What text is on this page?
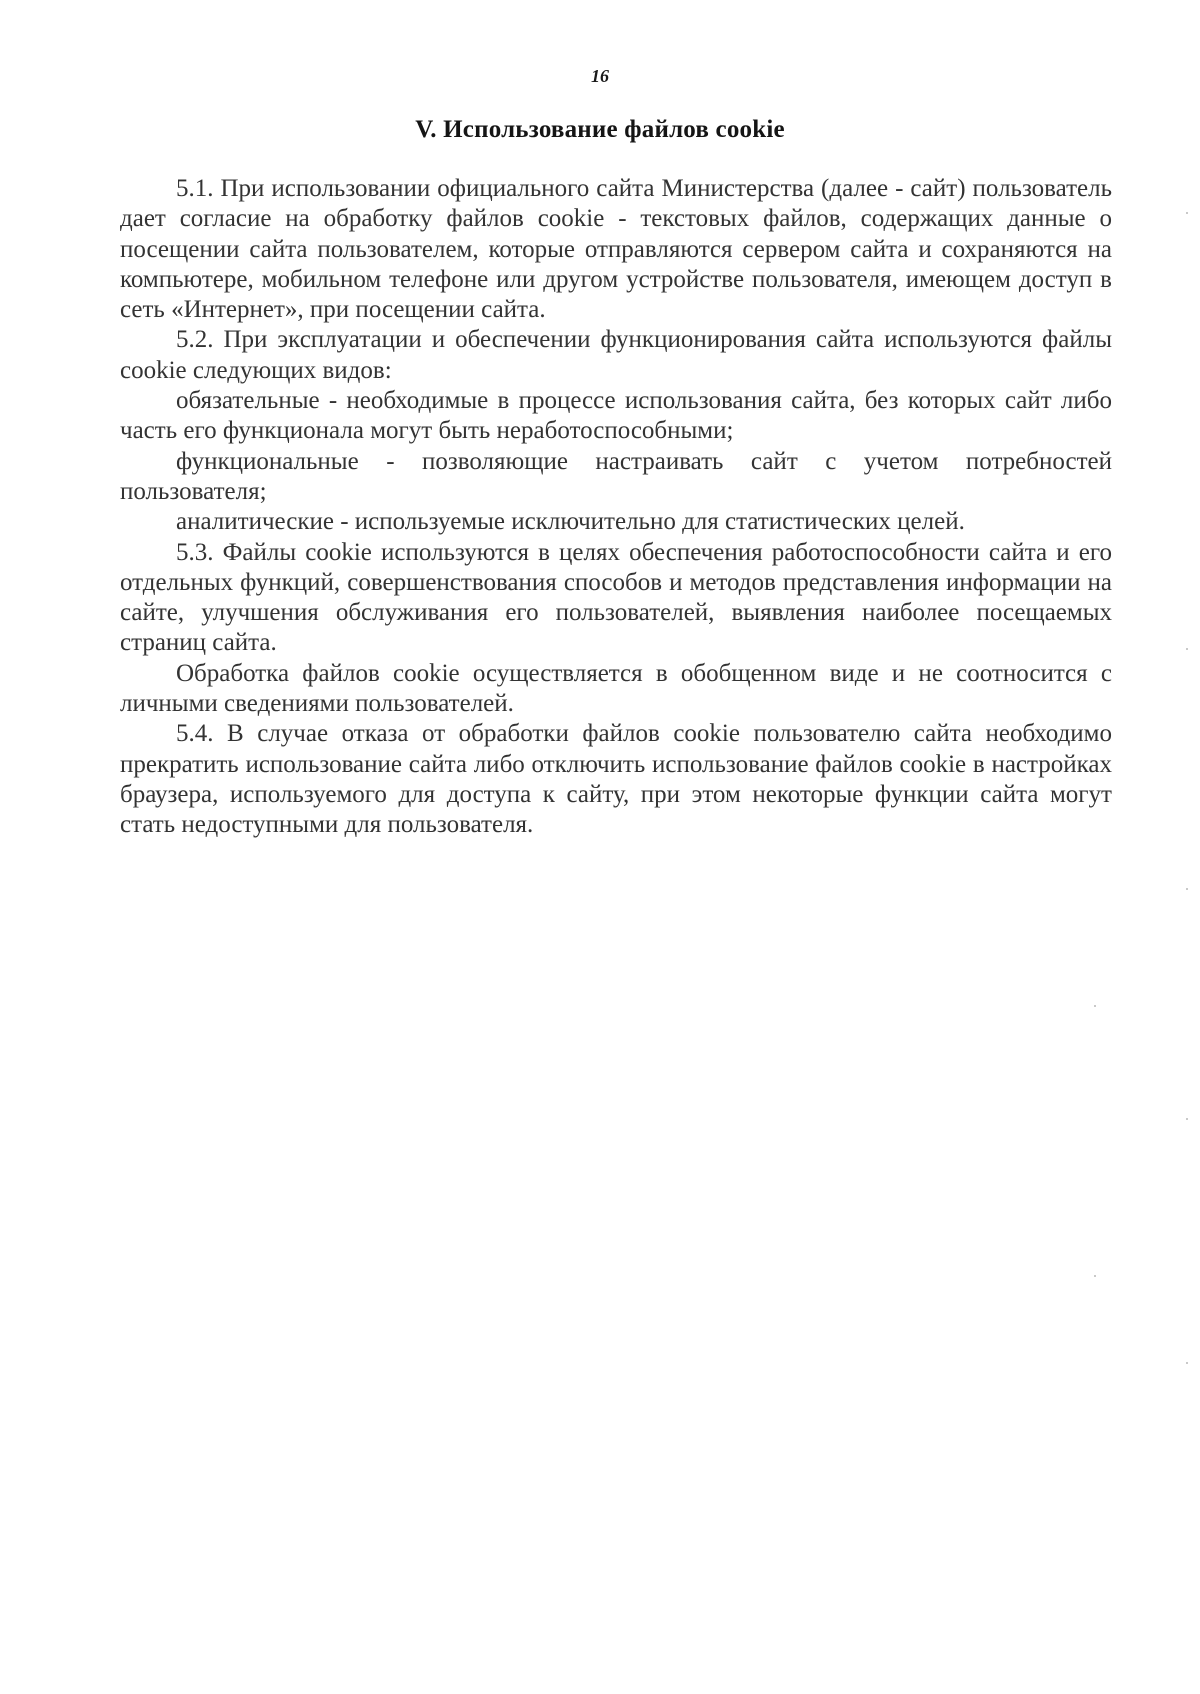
16
V. Использование файлов cookie

5.1. При использовании официального сайта Министерства (далее - сайт) пользователь дает согласие на обработку файлов cookie - текстовых файлов, содержащих данные о посещении сайта пользователем, которые отправляются сервером сайта и сохраняются на компьютере, мобильном телефоне или другом устройстве пользователя, имеющем доступ в сеть «Интернет», при посещении сайта.

5.2. При эксплуатации и обеспечении функционирования сайта используются файлы cookie следующих видов:

обязательные - необходимые в процессе использования сайта, без которых сайт либо часть его функционала могут быть неработоспособными;

функциональные - позволяющие настраивать сайт с учетом потребностей пользователя;

аналитические - используемые исключительно для статистических целей.

5.3. Файлы cookie используются в целях обеспечения работоспособности сайта и его отдельных функций, совершенствования способов и методов представления информации на сайте, улучшения обслуживания его пользователей, выявления наиболее посещаемых страниц сайта.

Обработка файлов cookie осуществляется в обобщенном виде и не соотносится с личными сведениями пользователей.

5.4. В случае отказа от обработки файлов cookie пользователю сайта необходимо прекратить использование сайта либо отключить использование файлов cookie в настройках браузера, используемого для доступа к сайту, при этом некоторые функции сайта могут стать недоступными для пользователя.
